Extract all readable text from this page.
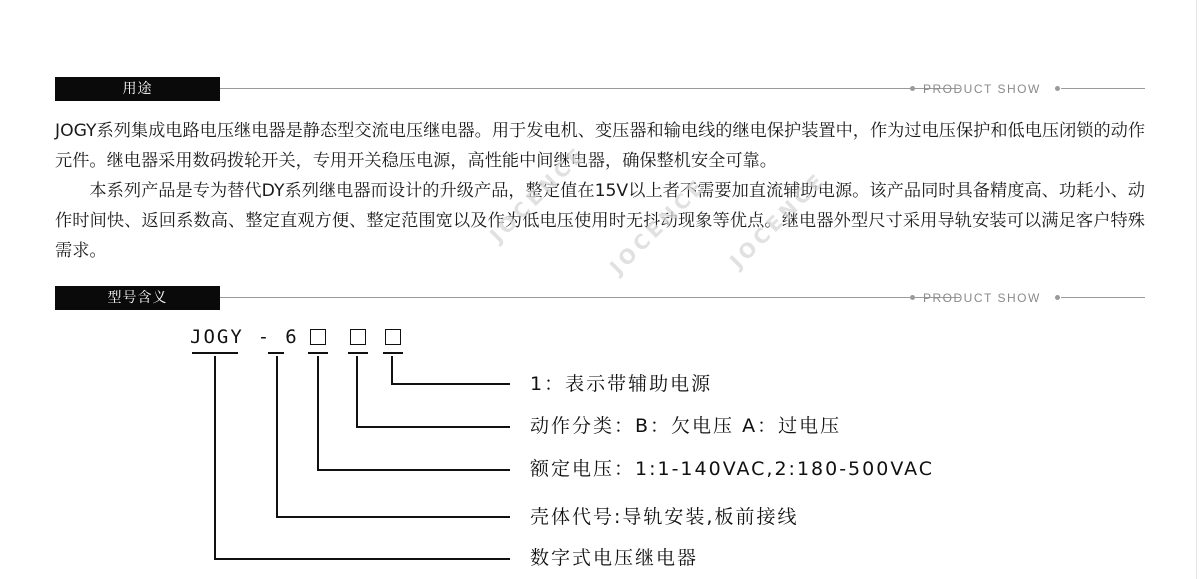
用途	PRODUCT SHOW

JOGY系列集成电路电压继电器是静态型交流电压继电器。用于发电机、变压器和输电线的继电保护装置中，作为过电压保护和低电压闭锁的动作元件。继电器采用数码拨轮开关，专用开关稳压电源，高性能中间继电器，确保整机安全可靠。

本系列产品是专为替代DY系列继电器而设计的升级产品，整定值在15V以上者不需要加直流辅助电源。该产品同时具备精度高、功耗小、动作时间快、返回系数高、整定直观方便、整定范围宽以及作为低电压使用时无抖动现象等优点。继电器外型尺寸采用导轨安装可以满足客户特殊需求。

JOCENCE JOCENCE JOCENCE
型号含义	PRODUCT SHOW
JOGY - 6
1：表示带辅助电源
动作分类：B：欠电压 A：过电压
额定电压：1:1-140VAC,2:180-500VAC
壳体代号:导轨安装,板前接线
数字式电压继电器
